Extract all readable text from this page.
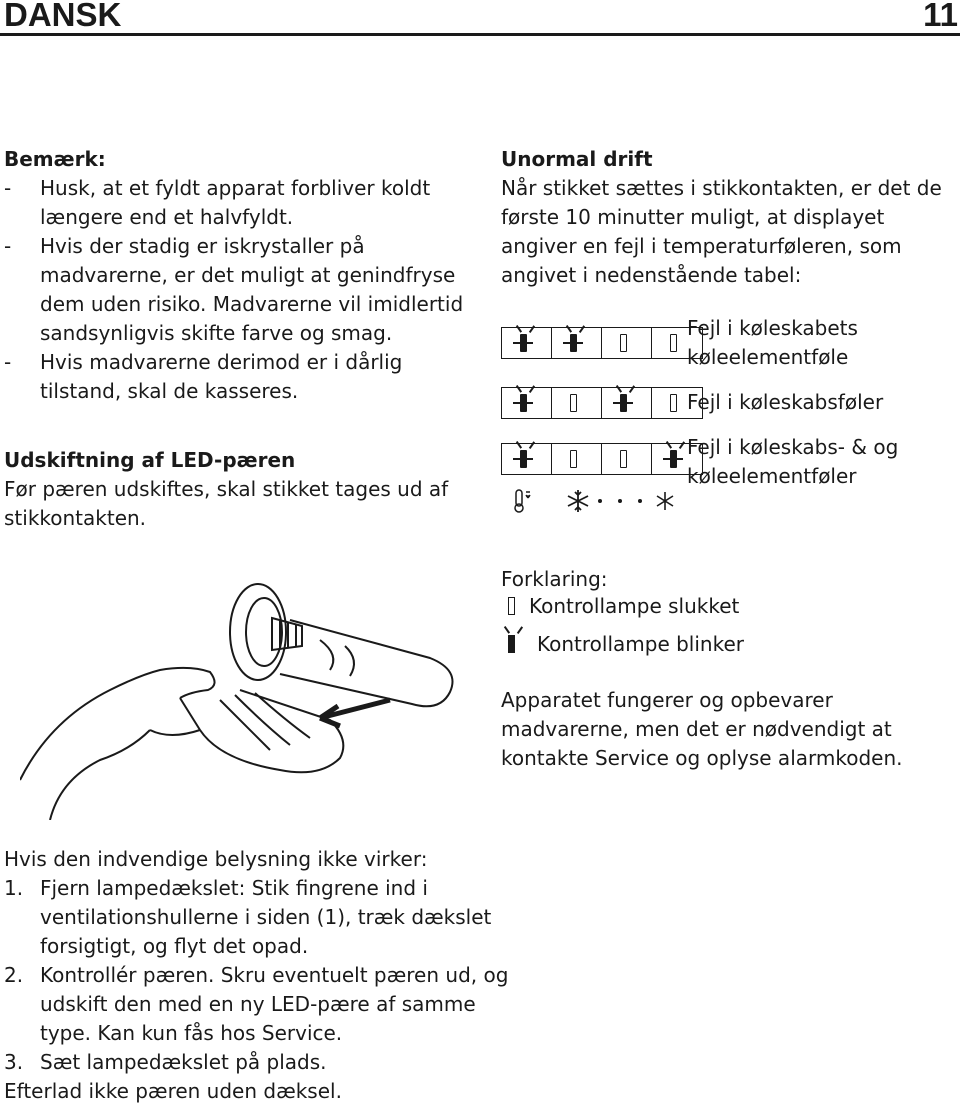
DANSK	11
Bemærk:
- Husk, at et fyldt apparat forbliver koldt længere end et halvfyldt.
- Hvis der stadig er iskrystaller på madvarerne, er det muligt at genindfryse dem uden risiko. Madvarerne vil imidlertid sandsynligvis skifte farve og smag.
- Hvis madvarerne derimod er i dårlig tilstand, skal de kasseres.
Udskiftning af LED-pæren
Før pæren udskiftes, skal stikket tages ud af stikkontakten.
Unormal drift
Når stikket sættes i stikkontakten, er det de første 10 minutter muligt, at displayet angiver en fejl i temperaturføleren, som angivet i nedenstående tabel:
Fejl i køleskabets
køleelementføle
Fejl i køleskabsføler
Fejl i køleskabs- & og
køleelementføler
Forklaring:
Kontrollampe slukket
Kontrollampe blinker
Apparatet fungerer og opbevarer madvarerne, men det er nødvendigt at kontakte Service og oplyse alarmkoden.
Hvis den indvendige belysning ikke virker:
1. Fjern lampedækslet: Stik fingrene ind i ventilationshullerne i siden (1), træk dækslet forsigtigt, og flyt det opad.
2. Kontrollér pæren. Skru eventuelt pæren ud, og udskift den med en ny LED-pære af samme type. Kan kun fås hos Service.
3. Sæt lampedækslet på plads.
Efterlad ikke pæren uden dæksel.
